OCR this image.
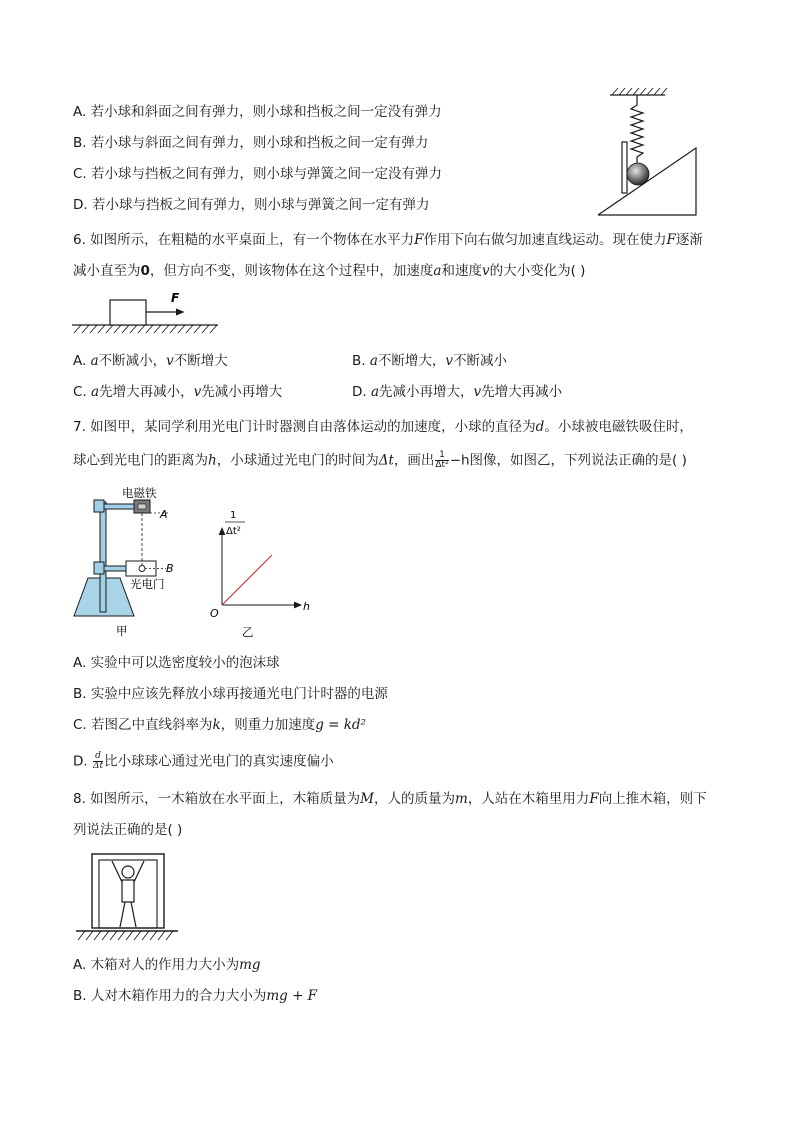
A. 若小球和斜面之间有弹力，则小球和挡板之间一定没有弹力
B. 若小球与斜面之间有弹力，则小球和挡板之间一定有弹力
C. 若小球与挡板之间有弹力，则小球与弹簧之间一定没有弹力
D. 若小球与挡板之间有弹力，则小球与弹簧之间一定有弹力
6. 如图所示，在粗糙的水平桌面上，有一个物体在水平力F作用下向右做匀加速直线运动。现在使力F逐渐
减小直至为0，但方向不变，则该物体在这个过程中，加速度a和速度v的大小变化为( )
F
A. a不断减小，v不断增大	B. a不断增大，v不断减小
C. a先增大再减小，v先减小再增大	D. a先减小再增大，v先增大再减小
7. 如图甲，某同学利用光电门计时器测自由落体运动的加速度，小球的直径为d。小球被电磁铁吸住时，
球心到光电门的距离为h，小球通过光电门的时间为Δt，画出 $\frac{1}{\text{Δt²}} -h$图像，如图乙，下列说法正确的是( )
电磁铁
A
B
光电门
甲
1
Δt²
O
h
乙
A. 实验中可以选密度较小的泡沫球
B. 实验中应该先释放小球再接通光电门计时器的电源
C. 若图乙中直线斜率为k，则重力加速度g = kd²
D. $\frac{d}{\Delta t}$ 比小球球心通过光电门的真实速度偏小
8. 如图所示，一木箱放在水平面上，木箱质量为M，人的质量为m，人站在木箱里用力F向上推木箱，则下
列说法正确的是( )
A. 木箱对人的作用力大小为mg
B. 人对木箱作用力的合力大小为mg + F
